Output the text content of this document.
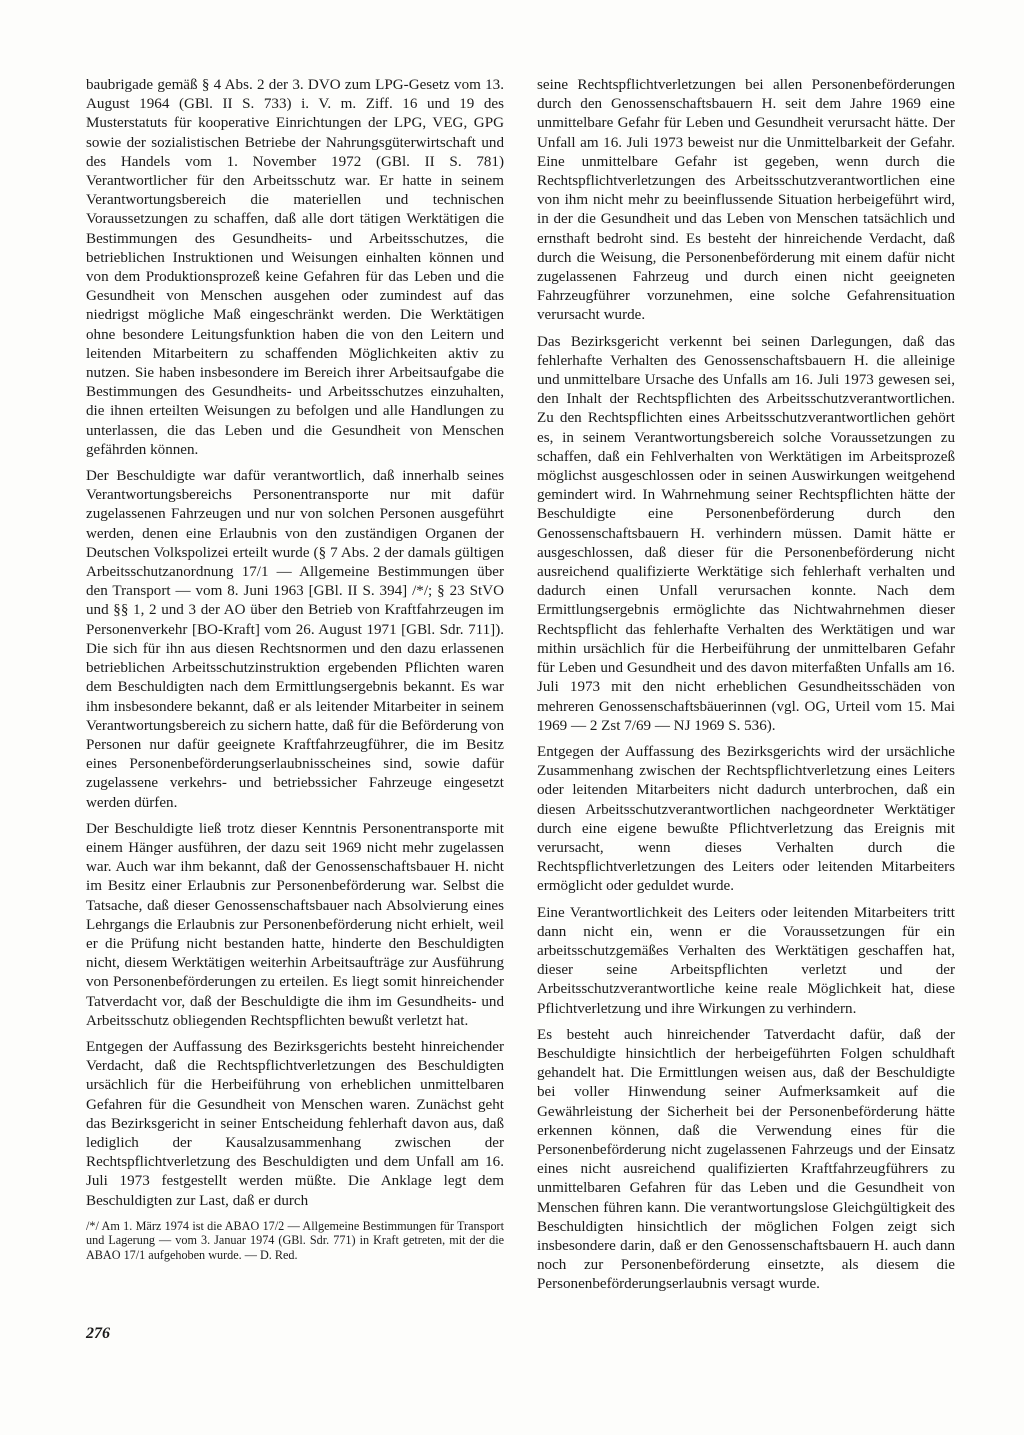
baubrigade gemäß § 4 Abs. 2 der 3. DVO zum LPG-Gesetz vom 13. August 1964 (GBl. II S. 733) i. V. m. Ziff. 16 und 19 des Musterstatuts für kooperative Einrichtungen der LPG, VEG, GPG sowie der sozialistischen Betriebe der Nahrungsgüterwirtschaft und des Handels vom 1. November 1972 (GBl. II S. 781) Verantwortlicher für den Arbeitsschutz war. Er hatte in seinem Verantwortungsbereich die materiellen und technischen Voraussetzungen zu schaffen, daß alle dort tätigen Werktätigen die Bestimmungen des Gesundheits- und Arbeitsschutzes, die betrieblichen Instruktionen und Weisungen einhalten können und von dem Produktionsprozeß keine Gefahren für das Leben und die Gesundheit von Menschen ausgehen oder zumindest auf das niedrigst mögliche Maß eingeschränkt werden. Die Werktätigen ohne besondere Leitungsfunktion haben die von den Leitern und leitenden Mitarbeitern zu schaffenden Möglichkeiten aktiv zu nutzen. Sie haben insbesondere im Bereich ihrer Arbeitsaufgabe die Bestimmungen des Gesundheits- und Arbeitsschutzes einzuhalten, die ihnen erteilten Weisungen zu befolgen und alle Handlungen zu unterlassen, die das Leben und die Gesundheit von Menschen gefährden können.

Der Beschuldigte war dafür verantwortlich, daß innerhalb seines Verantwortungsbereichs Personentransporte nur mit dafür zugelassenen Fahrzeugen und nur von solchen Personen ausgeführt werden, denen eine Erlaubnis von den zuständigen Organen der Deutschen Volkspolizei erteilt wurde (§ 7 Abs. 2 der damals gültigen Arbeitsschutzanordnung 17/1 — Allgemeine Bestimmungen über den Transport — vom 8. Juni 1963 [GBl. II S. 394] /*/; § 23 StVO und §§ 1, 2 und 3 der AO über den Betrieb von Kraftfahrzeugen im Personenverkehr [BO-Kraft] vom 26. August 1971 [GBl. Sdr. 711]). Die sich für ihn aus diesen Rechtsnormen und den dazu erlassenen betrieblichen Arbeitsschutzinstruktion ergebenden Pflichten waren dem Beschuldigten nach dem Ermittlungsergebnis bekannt. Es war ihm insbesondere bekannt, daß er als leitender Mitarbeiter in seinem Verantwortungsbereich zu sichern hatte, daß für die Beförderung von Personen nur dafür geeignete Kraftfahrzeugführer, die im Besitz eines Personenbeförderungserlaubnisscheines sind, sowie dafür zugelassene verkehrs- und betriebssicher Fahrzeuge eingesetzt werden dürfen.

Der Beschuldigte ließ trotz dieser Kenntnis Personentransporte mit einem Hänger ausführen, der dazu seit 1969 nicht mehr zugelassen war. Auch war ihm bekannt, daß der Genossenschaftsbauer H. nicht im Besitz einer Erlaubnis zur Personenbeförderung war. Selbst die Tatsache, daß dieser Genossenschaftsbauer nach Absolvierung eines Lehrgangs die Erlaubnis zur Personenbeförderung nicht erhielt, weil er die Prüfung nicht bestanden hatte, hinderte den Beschuldigten nicht, diesem Werktätigen weiterhin Arbeitsaufträge zur Ausführung von Personenbeförderungen zu erteilen. Es liegt somit hinreichender Tatverdacht vor, daß der Beschuldigte die ihm im Gesundheits- und Arbeitsschutz obliegenden Rechtspflichten bewußt verletzt hat.

Entgegen der Auffassung des Bezirksgerichts besteht hinreichender Verdacht, daß die Rechtspflichtverletzungen des Beschuldigten ursächlich für die Herbeiführung von erheblichen unmittelbaren Gefahren für die Gesundheit von Menschen waren. Zunächst geht das Bezirksgericht in seiner Entscheidung fehlerhaft davon aus, daß lediglich der Kausalzusammenhang zwischen der Rechtspflichtverletzung des Beschuldigten und dem Unfall am 16. Juli 1973 festgestellt werden müßte. Die Anklage legt dem Beschuldigten zur Last, daß er durch

/*/ Am 1. März 1974 ist die ABAO 17/2 — Allgemeine Bestimmungen für Transport und Lagerung — vom 3. Januar 1974 (GBl. Sdr. 771) in Kraft getreten, mit der die ABAO 17/1 aufgehoben wurde. — D. Red.

seine Rechtspflichtverletzungen bei allen Personenbeförderungen durch den Genossenschaftsbauern H. seit dem Jahre 1969 eine unmittelbare Gefahr für Leben und Gesundheit verursacht hätte. Der Unfall am 16. Juli 1973 beweist nur die Unmittelbarkeit der Gefahr. Eine unmittelbare Gefahr ist gegeben, wenn durch die Rechtspflichtverletzungen des Arbeitsschutzverantwortlichen eine von ihm nicht mehr zu beeinflussende Situation herbeigeführt wird, in der die Gesundheit und das Leben von Menschen tatsächlich und ernsthaft bedroht sind. Es besteht der hinreichende Verdacht, daß durch die Weisung, die Personenbeförderung mit einem dafür nicht zugelassenen Fahrzeug und durch einen nicht geeigneten Fahrzeugführer vorzunehmen, eine solche Gefahrensituation verursacht wurde.

Das Bezirksgericht verkennt bei seinen Darlegungen, daß das fehlerhafte Verhalten des Genossenschaftsbauern H. die alleinige und unmittelbare Ursache des Unfalls am 16. Juli 1973 gewesen sei, den Inhalt der Rechtspflichten des Arbeitsschutzverantwortlichen. Zu den Rechtspflichten eines Arbeitsschutzverantwortlichen gehört es, in seinem Verantwortungsbereich solche Voraussetzungen zu schaffen, daß ein Fehlverhalten von Werktätigen im Arbeitsprozeß möglichst ausgeschlossen oder in seinen Auswirkungen weitgehend gemindert wird. In Wahrnehmung seiner Rechtspflichten hätte der Beschuldigte eine Personenbeförderung durch den Genossenschaftsbauern H. verhindern müssen. Damit hätte er ausgeschlossen, daß dieser für die Personenbeförderung nicht ausreichend qualifizierte Werktätige sich fehlerhaft verhalten und dadurch einen Unfall verursachen konnte. Nach dem Ermittlungsergebnis ermöglichte das Nichtwahrnehmen dieser Rechtspflicht das fehlerhafte Verhalten des Werktätigen und war mithin ursächlich für die Herbeiführung der unmittelbaren Gefahr für Leben und Gesundheit und des davon miterfaßten Unfalls am 16. Juli 1973 mit den nicht erheblichen Gesundheitsschäden von mehreren Genossenschaftsbäuerinnen (vgl. OG, Urteil vom 15. Mai 1969 — 2 Zst 7/69 — NJ 1969 S. 536).

Entgegen der Auffassung des Bezirksgerichts wird der ursächliche Zusammenhang zwischen der Rechtspflichtverletzung eines Leiters oder leitenden Mitarbeiters nicht dadurch unterbrochen, daß ein diesen Arbeitsschutzverantwortlichen nachgeordneter Werktätiger durch eine eigene bewußte Pflichtverletzung das Ereignis mit verursacht, wenn dieses Verhalten durch die Rechtspflichtverletzungen des Leiters oder leitenden Mitarbeiters ermöglicht oder geduldet wurde.

Eine Verantwortlichkeit des Leiters oder leitenden Mitarbeiters tritt dann nicht ein, wenn er die Voraussetzungen für ein arbeitsschutzgemäßes Verhalten des Werktätigen geschaffen hat, dieser seine Arbeitspflichten verletzt und der Arbeitsschutzverantwortliche keine reale Möglichkeit hat, diese Pflichtverletzung und ihre Wirkungen zu verhindern.

Es besteht auch hinreichender Tatverdacht dafür, daß der Beschuldigte hinsichtlich der herbeigeführten Folgen schuldhaft gehandelt hat. Die Ermittlungen weisen aus, daß der Beschuldigte bei voller Hinwendung seiner Aufmerksamkeit auf die Gewährleistung der Sicherheit bei der Personenbeförderung hätte erkennen können, daß die Verwendung eines für die Personenbeförderung nicht zugelassenen Fahrzeugs und der Einsatz eines nicht ausreichend qualifizierten Kraftfahrzeugführers zu unmittelbaren Gefahren für das Leben und die Gesundheit von Menschen führen kann. Die verantwortungslose Gleichgültigkeit des Beschuldigten hinsichtlich der möglichen Folgen zeigt sich insbesondere darin, daß er den Genossenschaftsbauern H. auch dann noch zur Personenbeförderung einsetzte, als diesem die Personenbeförderungserlaubnis versagt wurde.

276
